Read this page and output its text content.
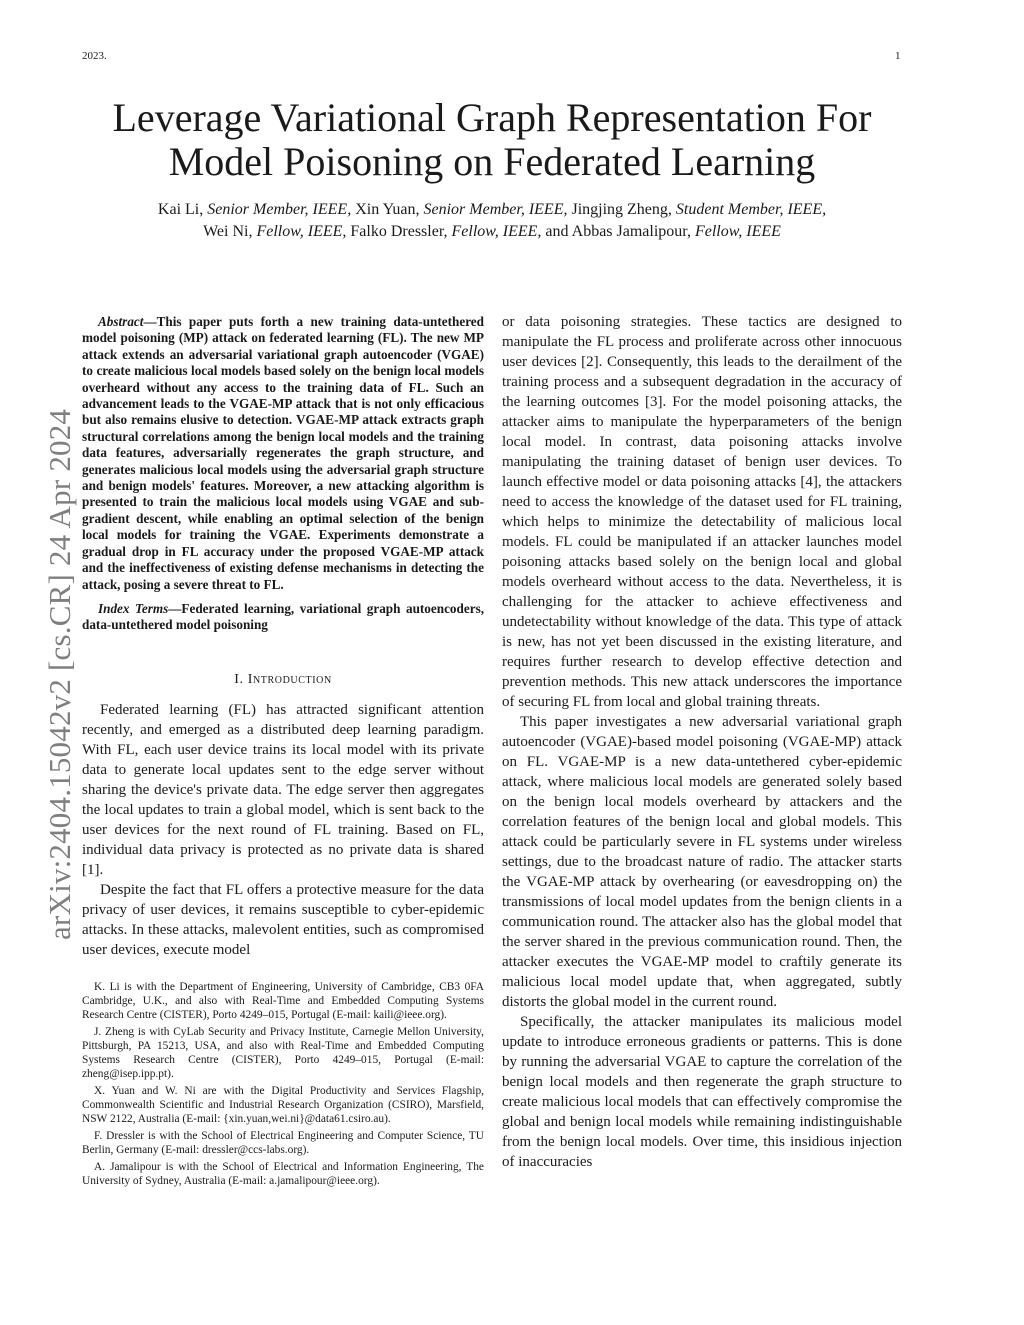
2023.	1
Leverage Variational Graph Representation For Model Poisoning on Federated Learning
Kai Li, Senior Member, IEEE, Xin Yuan, Senior Member, IEEE, Jingjing Zheng, Student Member, IEEE,
Wei Ni, Fellow, IEEE, Falko Dressler, Fellow, IEEE, and Abbas Jamalipour, Fellow, IEEE
arXiv:2404.15042v2 [cs.CR] 24 Apr 2024

Abstract—This paper puts forth a new training data-untethered model poisoning (MP) attack on federated learning (FL). The new MP attack extends an adversarial variational graph autoencoder (VGAE) to create malicious local models based solely on the benign local models overheard without any access to the training data of FL. Such an advancement leads to the VGAE-MP attack that is not only efficacious but also remains elusive to detection. VGAE-MP attack extracts graph structural correlations among the benign local models and the training data features, adversarially regenerates the graph structure, and generates malicious local models using the adversarial graph structure and benign models' features. Moreover, a new attacking algorithm is presented to train the malicious local models using VGAE and sub-gradient descent, while enabling an optimal selection of the benign local models for training the VGAE. Experiments demonstrate a gradual drop in FL accuracy under the proposed VGAE-MP attack and the ineffectiveness of existing defense mechanisms in detecting the attack, posing a severe threat to FL.

Index Terms—Federated learning, variational graph autoencoders, data-untethered model poisoning

I. Introduction

Federated learning (FL) has attracted significant attention recently, and emerged as a distributed deep learning paradigm. With FL, each user device trains its local model with its private data to generate local updates sent to the edge server without sharing the device's private data. The edge server then aggregates the local updates to train a global model, which is sent back to the user devices for the next round of FL training. Based on FL, individual data privacy is protected as no private data is shared [1].

Despite the fact that FL offers a protective measure for the data privacy of user devices, it remains susceptible to cyber-epidemic attacks. In these attacks, malevolent entities, such as compromised user devices, execute model

K. Li is with the Department of Engineering, University of Cambridge, CB3 0FA Cambridge, U.K., and also with Real-Time and Embedded Computing Systems Research Centre (CISTER), Porto 4249–015, Portugal (E-mail: kaili@ieee.org).

J. Zheng is with CyLab Security and Privacy Institute, Carnegie Mellon University, Pittsburgh, PA 15213, USA, and also with Real-Time and Embedded Computing Systems Research Centre (CISTER), Porto 4249–015, Portugal (E-mail: zheng@isep.ipp.pt).

X. Yuan and W. Ni are with the Digital Productivity and Services Flagship, Commonwealth Scientific and Industrial Research Organization (CSIRO), Marsfield, NSW 2122, Australia (E-mail: {xin.yuan,wei.ni}@data61.csiro.au).

F. Dressler is with the School of Electrical Engineering and Computer Science, TU Berlin, Germany (E-mail: dressler@ccs-labs.org).

A. Jamalipour is with the School of Electrical and Information Engineering, The University of Sydney, Australia (E-mail: a.jamalipour@ieee.org).

or data poisoning strategies. These tactics are designed to manipulate the FL process and proliferate across other innocuous user devices [2]. Consequently, this leads to the derailment of the training process and a subsequent degradation in the accuracy of the learning outcomes [3]. For the model poisoning attacks, the attacker aims to manipulate the hyperparameters of the benign local model. In contrast, data poisoning attacks involve manipulating the training dataset of benign user devices. To launch effective model or data poisoning attacks [4], the attackers need to access the knowledge of the dataset used for FL training, which helps to minimize the detectability of malicious local models. FL could be manipulated if an attacker launches model poisoning attacks based solely on the benign local and global models overheard without access to the data. Nevertheless, it is challenging for the attacker to achieve effectiveness and undetectability without knowledge of the data. This type of attack is new, has not yet been discussed in the existing literature, and requires further research to develop effective detection and prevention methods. This new attack underscores the importance of securing FL from local and global training threats.

This paper investigates a new adversarial variational graph autoencoder (VGAE)-based model poisoning (VGAE-MP) attack on FL. VGAE-MP is a new data-untethered cyber-epidemic attack, where malicious local models are generated solely based on the benign local models overheard by attackers and the correlation features of the benign local and global models. This attack could be particularly severe in FL systems under wireless settings, due to the broadcast nature of radio. The attacker starts the VGAE-MP attack by overhearing (or eavesdropping on) the transmissions of local model updates from the benign clients in a communication round. The attacker also has the global model that the server shared in the previous communication round. Then, the attacker executes the VGAE-MP model to craftily generate its malicious local model update that, when aggregated, subtly distorts the global model in the current round.

Specifically, the attacker manipulates its malicious model update to introduce erroneous gradients or patterns. This is done by running the adversarial VGAE to capture the correlation of the benign local models and then regenerate the graph structure to create malicious local models that can effectively compromise the global and benign local models while remaining indistinguishable from the benign local models. Over time, this insidious injection of inaccuracies
